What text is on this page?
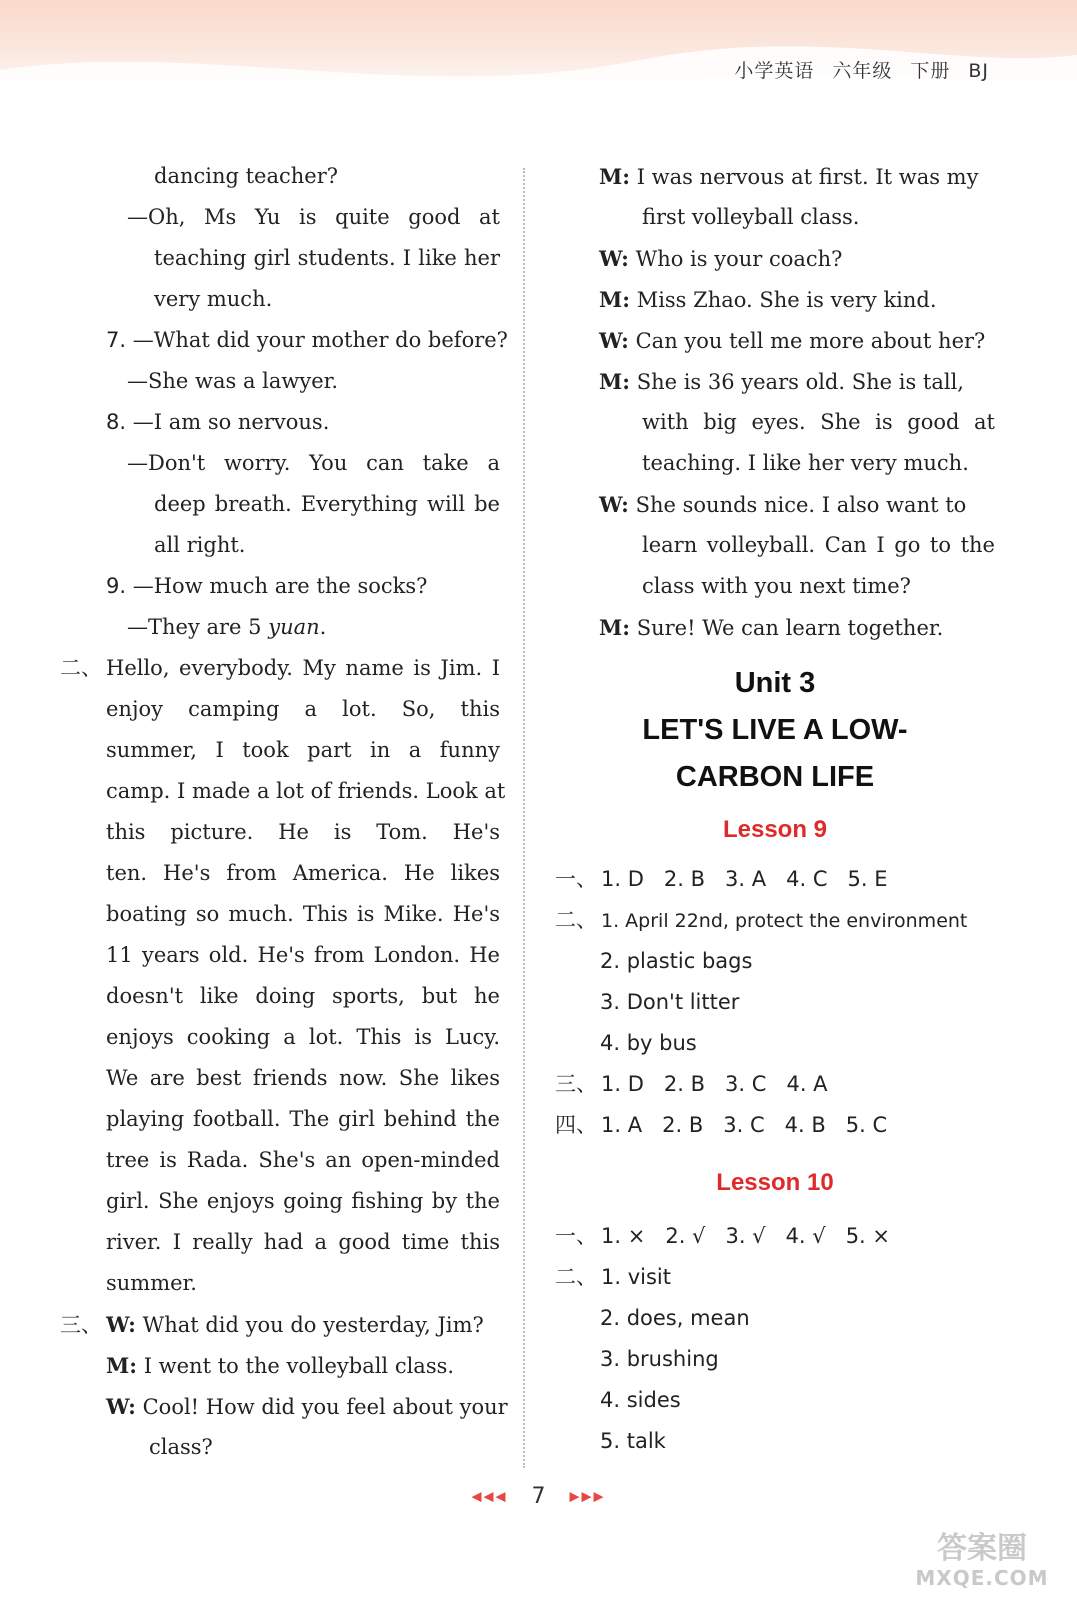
小学英语 六年级 下册 BJ
dancing teacher?
—Oh, Ms Yu is quite good at
teaching girl students. I like her
very much.
7. —What did your mother do before?
—She was a lawyer.
8. —I am so nervous.
—Don't worry. You can take a
deep breath. Everything will be
all right.
9. —How much are the socks?
—They are 5 yuan.
二、 Hello, everybody. My name is Jim. I
enjoy camping a lot. So, this
summer, I took part in a funny
camp. I made a lot of friends. Look at
this picture. He is Tom. He's
ten. He's from America. He likes
boating so much. This is Mike. He's
11 years old. He's from London. He
doesn't like doing sports, but he
enjoys cooking a lot. This is Lucy.
We are best friends now. She likes
playing football. The girl behind the
tree is Rada. She's an open-minded
girl. She enjoys going fishing by the
river. I really had a good time this
summer.
三、 W: What did you do yesterday, Jim?
M: I went to the volleyball class.
W: Cool! How did you feel about your
class?
M: I was nervous at first. It was my
first volleyball class.
W: Who is your coach?
M: Miss Zhao. She is very kind.
W: Can you tell me more about her?
M: She is 36 years old. She is tall,
with big eyes. She is good at
teaching. I like her very much.
W: She sounds nice. I also want to
learn volleyball. Can I go to the
class with you next time?
M: Sure! We can learn together.
Unit 3
LET'S LIVE A LOW-
CARBON LIFE
Lesson 9
一、 1. D   2. B   3. A   4. C   5. E
二、 1. April 22nd, protect the environment
2. plastic bags
3. Don't litter
4. by bus
三、 1. D   2. B   3. C   4. A
四、 1. A   2. B   3. C   4. B   5. C
Lesson 10
一、 1. ×   2. √   3. √   4. √   5. ×
二、 1. visit
2. does, mean
3. brushing
4. sides
5. talk
◀◀◀ 7 ▶▶▶
答案圈
MXQE.COM
